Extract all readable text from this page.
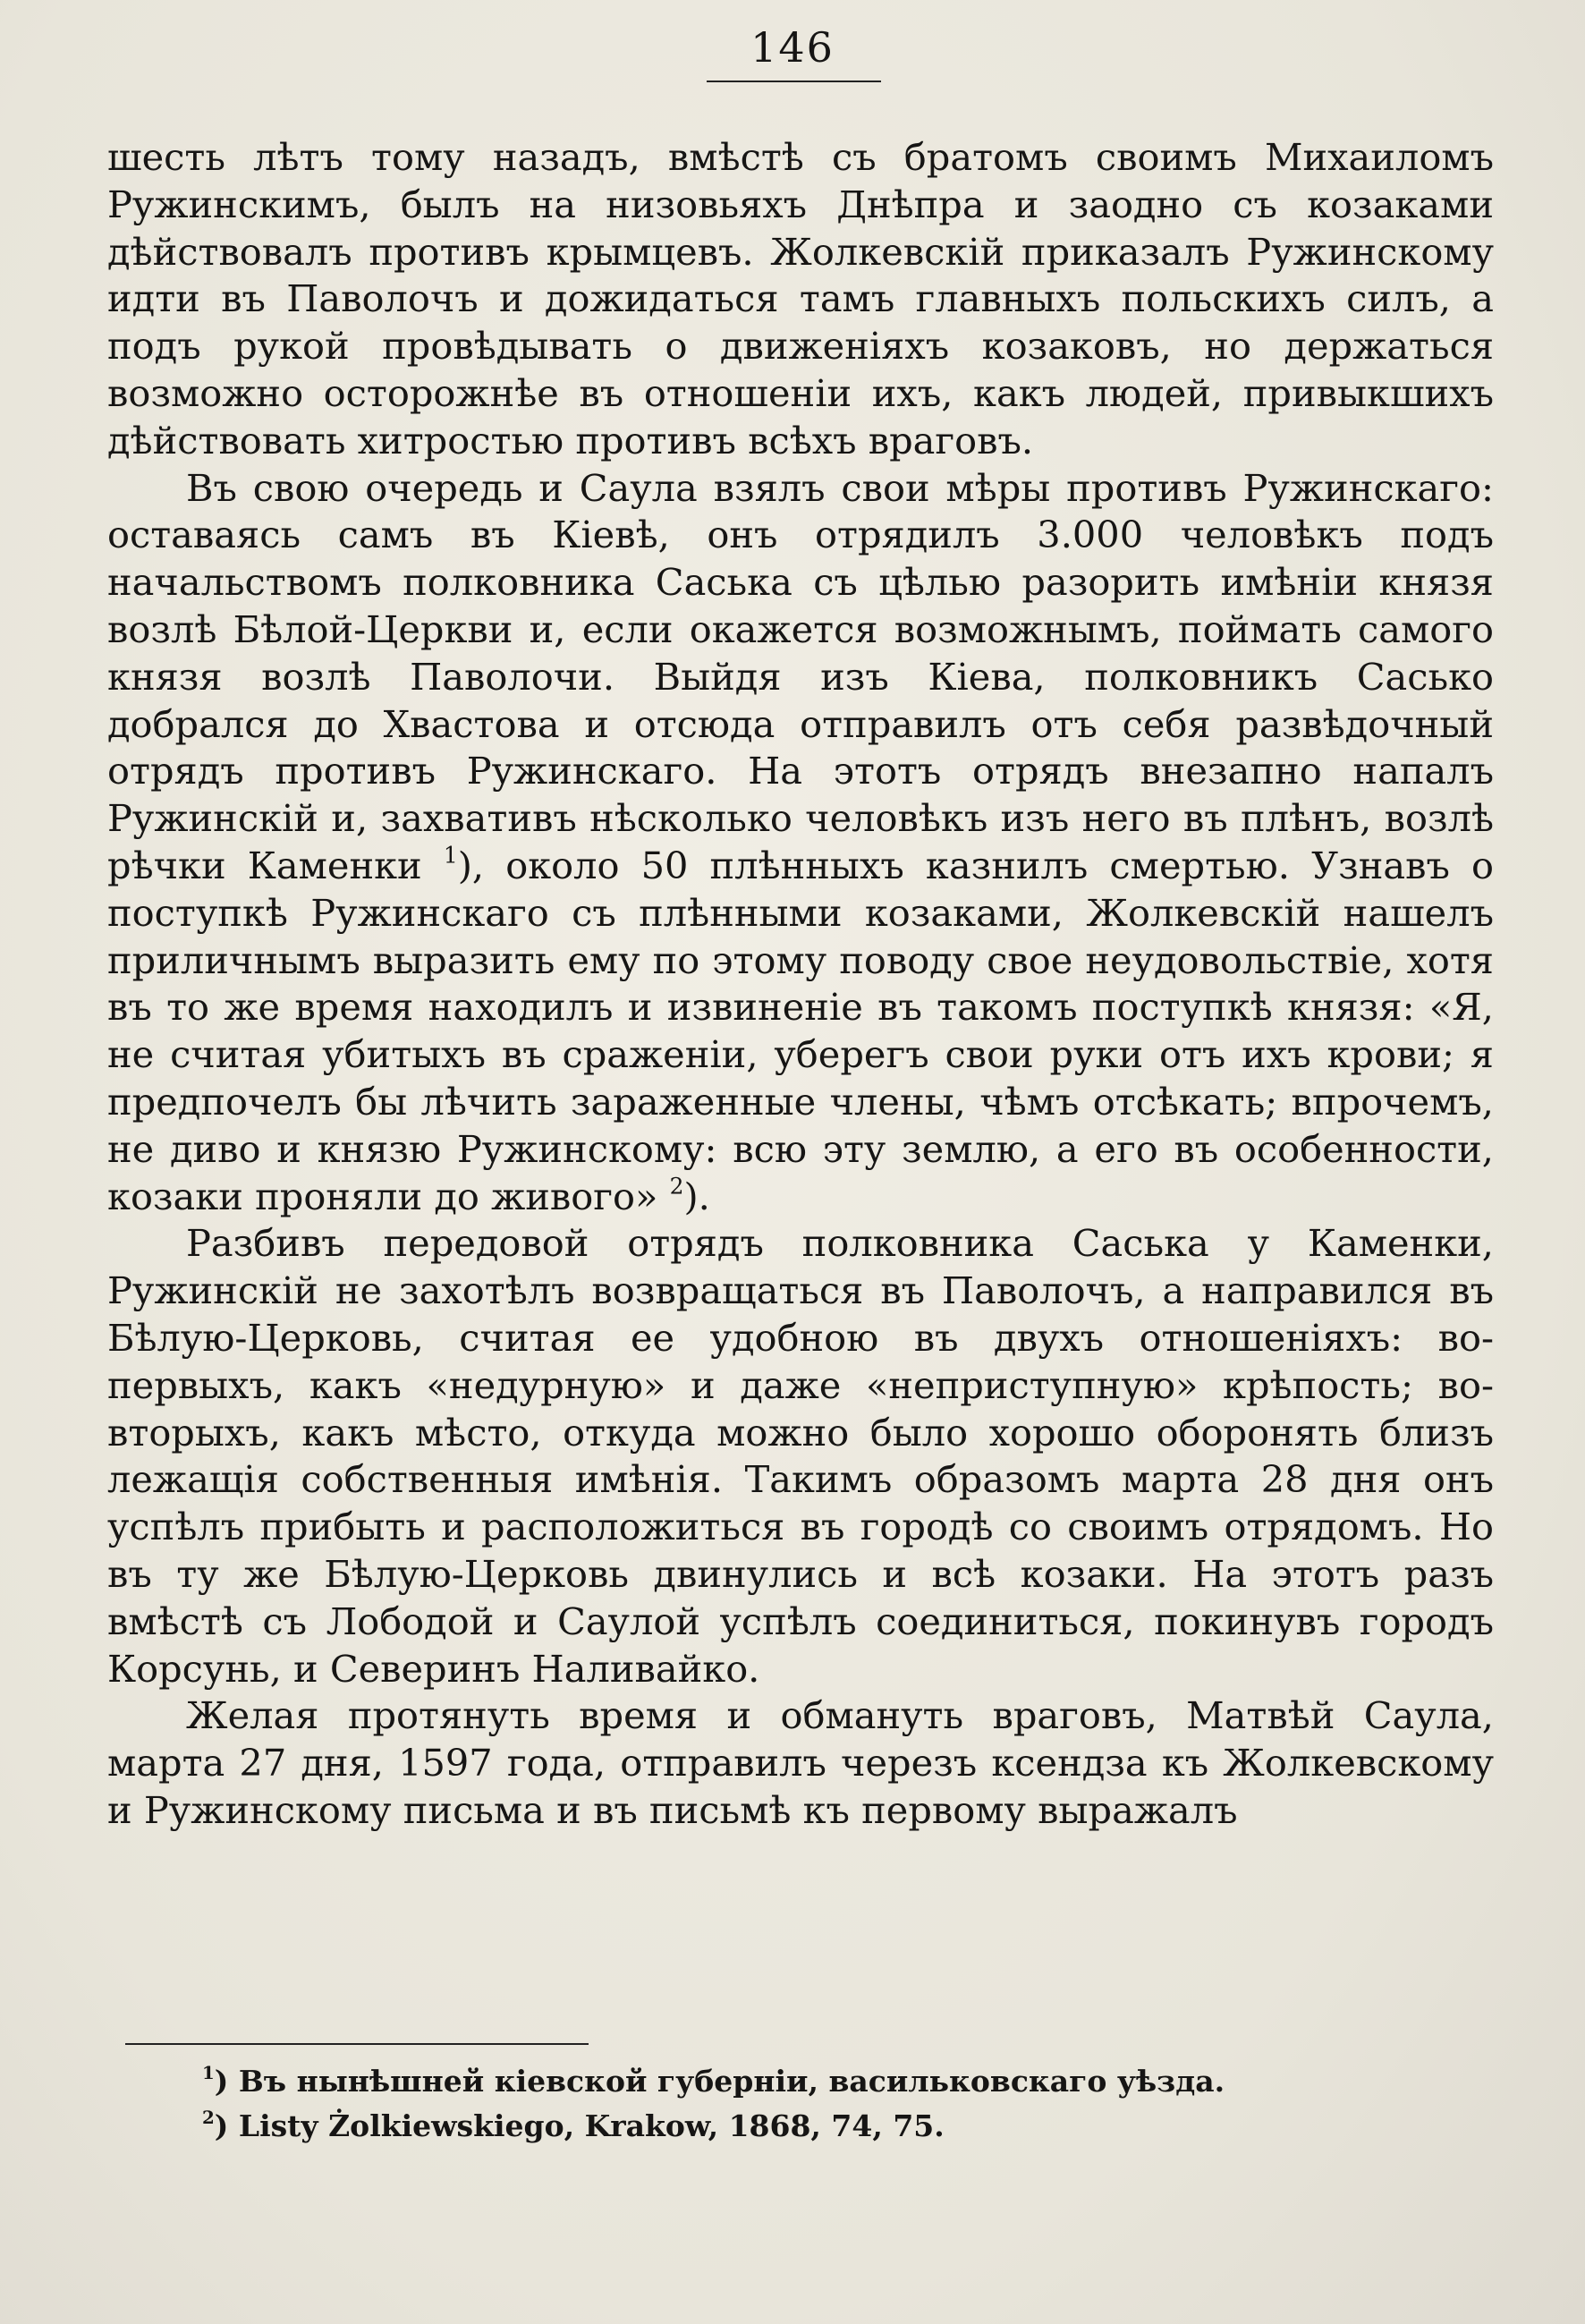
146

шесть лѣтъ тому назадъ, вмѣстѣ съ братомъ своимъ Михаиломъ Ружинскимъ, былъ на низовьяхъ Днѣпра и заодно съ козаками дѣйствовалъ противъ крымцевъ. Жолкевскій приказалъ Ружинскому идти въ Паволочъ и дожидаться тамъ главныхъ польскихъ силъ, а подъ рукой провѣдывать о движеніяхъ козаковъ, но держаться возможно осторожнѣе въ отношеніи ихъ, какъ людей, привыкшихъ дѣйствовать хитростью противъ всѣхъ враговъ.

Въ свою очередь и Саула взялъ свои мѣры противъ Ружинскаго: оставаясь самъ въ Кіевѣ, онъ отрядилъ 3.000 человѣкъ подъ начальствомъ полковника Саська съ цѣлью разорить имѣніи князя возлѣ Бѣлой-Церкви и, если окажется возможнымъ, поймать самого князя возлѣ Паволочи. Выйдя изъ Кіева, полковникъ Сасько добрался до Хвастова и отсюда отправилъ отъ себя развѣдочный отрядъ противъ Ружинскаго. На этотъ отрядъ внезапно напалъ Ружинскій и, захвативъ нѣсколько человѣкъ изъ него въ плѣнъ, возлѣ рѣчки Каменки $^1$), около 50 плѣнныхъ казнилъ смертью. Узнавъ о поступкѣ Ружинскаго съ плѣнными козаками, Жолкевскій нашелъ приличнымъ выразить ему по этому поводу свое неудовольствіе, хотя въ то же время находилъ и извиненіе въ такомъ поступкѣ князя: «Я, не считая убитыхъ въ сраженіи, уберегъ свои руки отъ ихъ крови; я предпочелъ бы лѣчить зараженные члены, чѣмъ отсѣкать; впрочемъ, не диво и князю Ружинскому: всю эту землю, а его въ особенности, козаки проняли до живого» $^2$).

Разбивъ передовой отрядъ полковника Саська у Каменки, Ружинскій не захотѣлъ возвращаться въ Паволочъ, а направился въ Бѣлую-Церковь, считая ее удобною въ двухъ отношеніяхъ: во-первыхъ, какъ «недурную» и даже «неприступную» крѣпость; во-вторыхъ, какъ мѣсто, откуда можно было хорошо оборонять близъ лежащія собственныя имѣнія. Такимъ образомъ марта 28 дня онъ успѣлъ прибыть и расположиться въ городѣ со своимъ отрядомъ. Но въ ту же Бѣлую-Церковь двинулись и всѣ козаки. На этотъ разъ вмѣстѣ съ Лободой и Саулой успѣлъ соединиться, покинувъ городъ Корсунь, и Северинъ Наливайко.

Желая протянуть время и обмануть враговъ, Матвѣй Саула, марта 27 дня, 1597 года, отправилъ черезъ ксендза къ Жолкевскому и Ружинскому письма и въ письмѣ къ первому выражалъ

$^1$) Въ нынѣшней кіевской губерніи, васильковскаго уѣзда.

$^2$) Listy Żolkiewskiego, Krakow, 1868, 74, 75.
